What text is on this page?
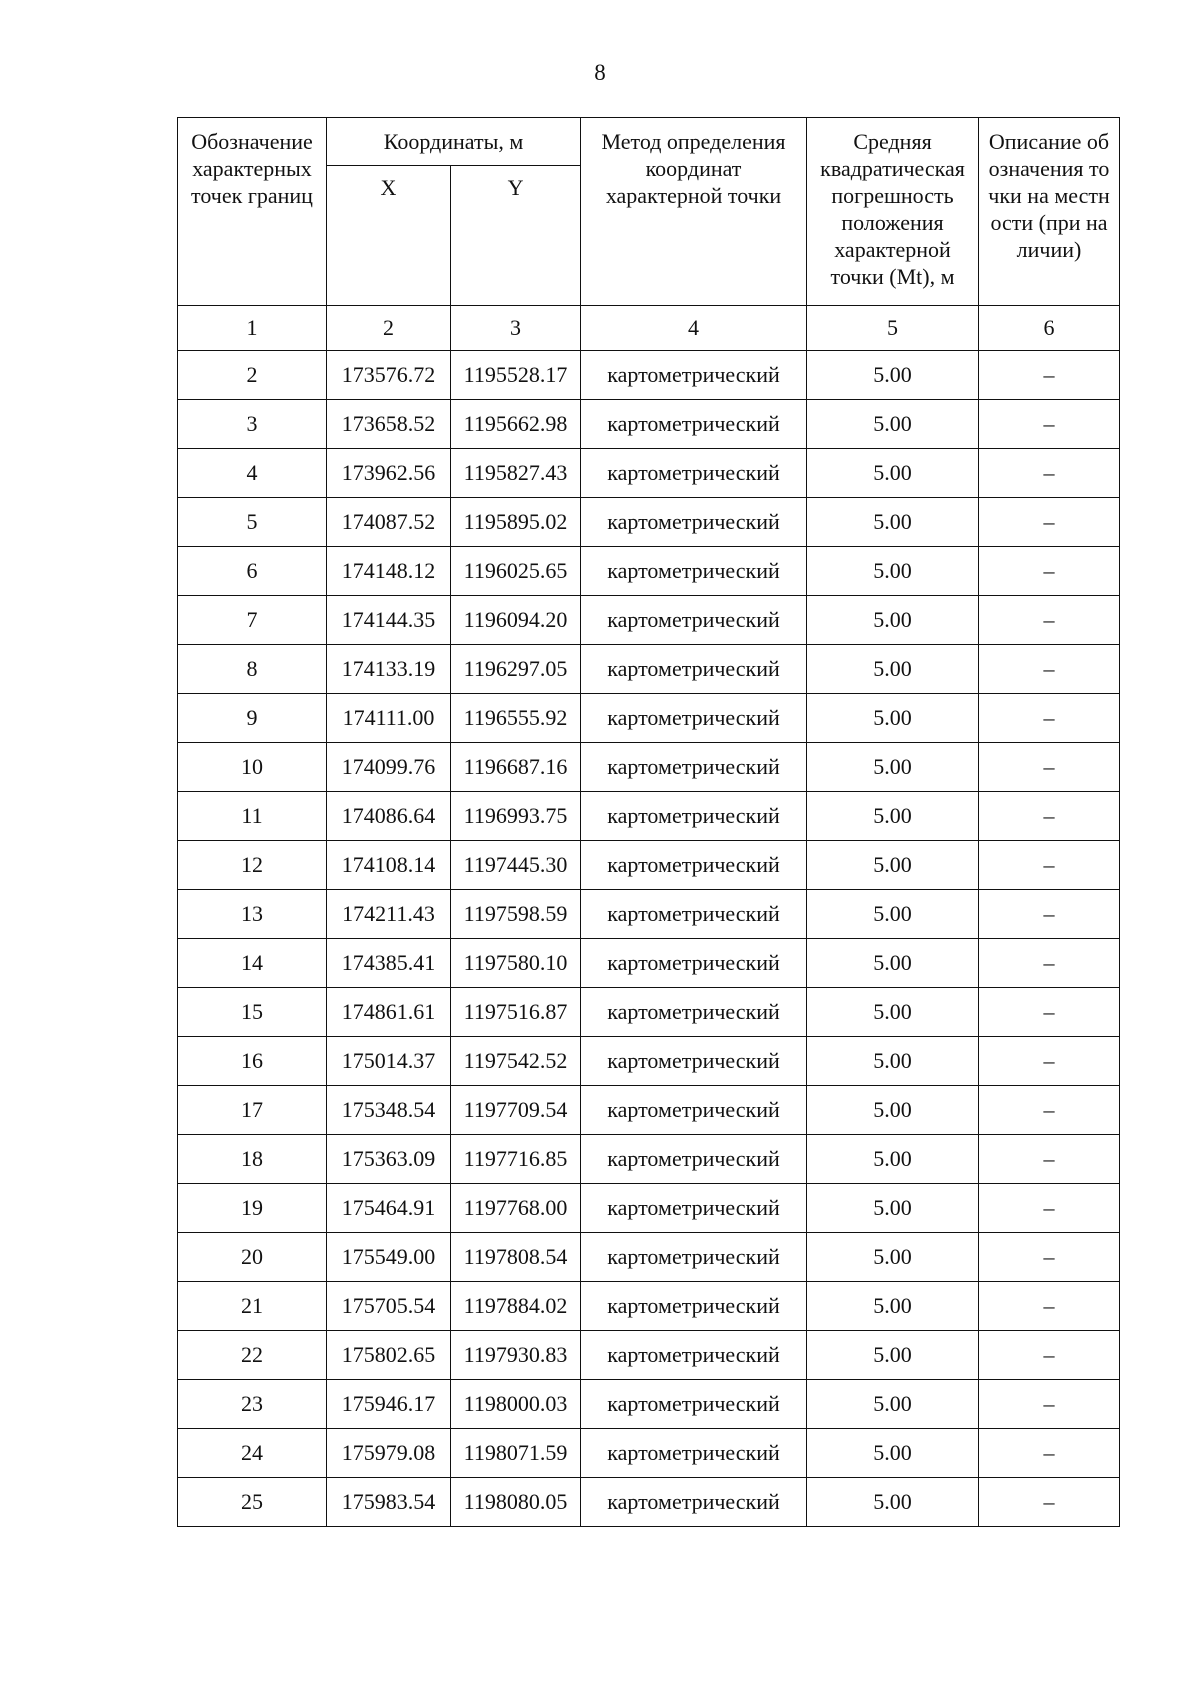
8
Обозначение характерных точек границ	Координаты, м		Метод определения координат характерной точки	Средняя квадратическая погрешность положения характерной точки (Mt), м	Описание обозначения точки на местности (при наличии)
	X	Y			
1	2	3	4	5	6
2	173576.72	1195528.17	картометрический	5.00	–
3	173658.52	1195662.98	картометрический	5.00	–
4	173962.56	1195827.43	картометрический	5.00	–
5	174087.52	1195895.02	картометрический	5.00	–
6	174148.12	1196025.65	картометрический	5.00	–
7	174144.35	1196094.20	картометрический	5.00	–
8	174133.19	1196297.05	картометрический	5.00	–
9	174111.00	1196555.92	картометрический	5.00	–
10	174099.76	1196687.16	картометрический	5.00	–
11	174086.64	1196993.75	картометрический	5.00	–
12	174108.14	1197445.30	картометрический	5.00	–
13	174211.43	1197598.59	картометрический	5.00	–
14	174385.41	1197580.10	картометрический	5.00	–
15	174861.61	1197516.87	картометрический	5.00	–
16	175014.37	1197542.52	картометрический	5.00	–
17	175348.54	1197709.54	картометрический	5.00	–
18	175363.09	1197716.85	картометрический	5.00	–
19	175464.91	1197768.00	картометрический	5.00	–
20	175549.00	1197808.54	картометрический	5.00	–
21	175705.54	1197884.02	картометрический	5.00	–
22	175802.65	1197930.83	картометрический	5.00	–
23	175946.17	1198000.03	картометрический	5.00	–
24	175979.08	1198071.59	картометрический	5.00	–
25	175983.54	1198080.05	картометрический	5.00	–
